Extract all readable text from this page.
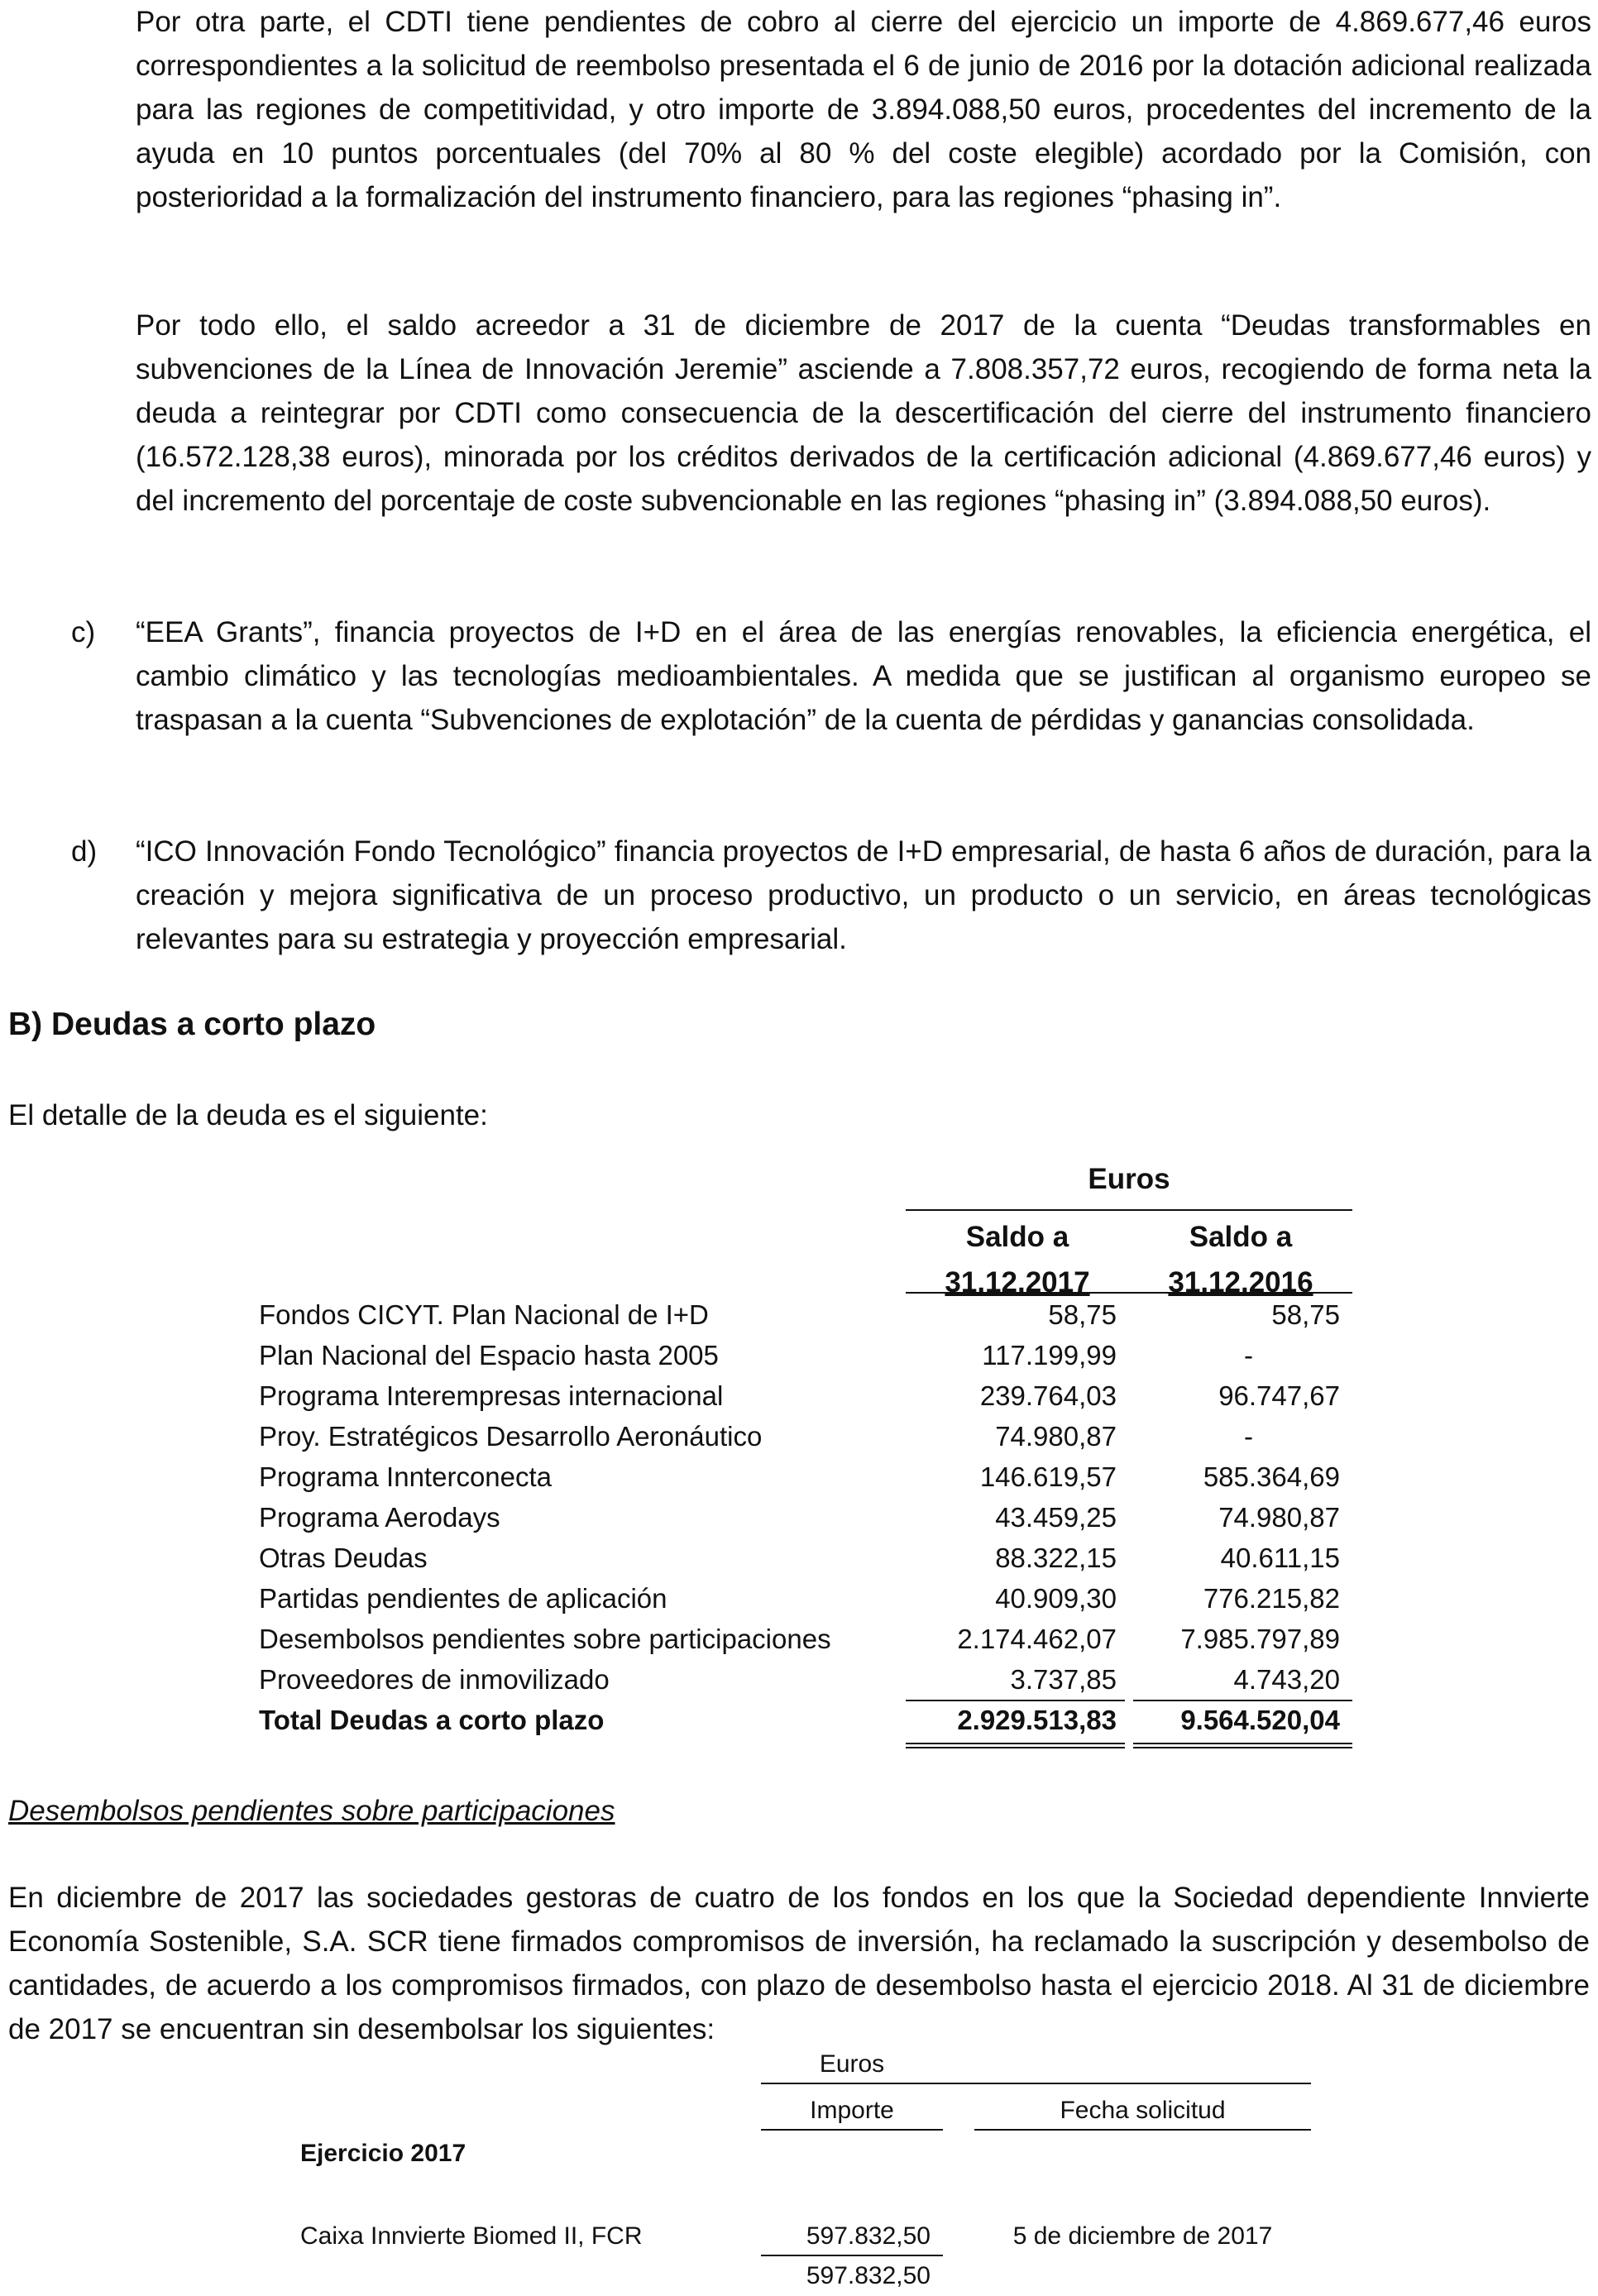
Por otra parte, el CDTI tiene pendientes de cobro al cierre del ejercicio un importe de 4.869.677,46 euros correspondientes a la solicitud de reembolso presentada el 6 de junio de 2016 por la dotación adicional realizada para las regiones de competitividad, y otro importe de 3.894.088,50 euros, procedentes del incremento de la ayuda en 10 puntos porcentuales (del 70% al 80 % del coste elegible) acordado por la Comisión, con posterioridad a la formalización del instrumento financiero, para las regiones “phasing in”.

Por todo ello, el saldo acreedor a 31 de diciembre de 2017 de la cuenta “Deudas transformables en subvenciones de la Línea de Innovación Jeremie” asciende a 7.808.357,72 euros, recogiendo de forma neta la deuda a reintegrar por CDTI como consecuencia de la descertificación del cierre del instrumento financiero (16.572.128,38 euros), minorada por los créditos derivados de la certificación adicional (4.869.677,46 euros) y del incremento del porcentaje de coste subvencionable en las regiones “phasing in” (3.894.088,50 euros).

c) “EEA Grants”, financia proyectos de I+D en el área de las energías renovables, la eficiencia energética, el cambio climático y las tecnologías medioambientales. A medida que se justifican al organismo europeo se traspasan a la cuenta “Subvenciones de explotación” de la cuenta de pérdidas y ganancias consolidada.

d) “ICO Innovación Fondo Tecnológico” financia proyectos de I+D empresarial, de hasta 6 años de duración, para la creación y mejora significativa de un proceso productivo, un producto o un servicio, en áreas tecnológicas relevantes para su estrategia y proyección empresarial.

B) Deudas a corto plazo

El detalle de la deuda es el siguiente:

Euros
Saldo a
31.12.2017
Saldo a
31.12.2016
Fondos CICYT. Plan Nacional de I+D	58,75	58,75
Plan Nacional del Espacio hasta 2005	117.199,99	-
Programa Interempresas internacional	239.764,03	96.747,67
Proy. Estratégicos Desarrollo Aeronáutico	74.980,87	-
Programa Innterconecta	146.619,57	585.364,69
Programa Aerodays	43.459,25	74.980,87
Otras Deudas	88.322,15	40.611,15
Partidas pendientes de aplicación	40.909,30	776.215,82
Desembolsos pendientes sobre participaciones	2.174.462,07	7.985.797,89
Proveedores de inmovilizado	3.737,85	4.743,20
Total Deudas a corto plazo	2.929.513,83	9.564.520,04

Desembolsos pendientes sobre participaciones

En diciembre de 2017 las sociedades gestoras de cuatro de los fondos en los que la Sociedad dependiente Innvierte Economía Sostenible, S.A. SCR tiene firmados compromisos de inversión, ha reclamado la suscripción y desembolso de cantidades, de acuerdo a los compromisos firmados, con plazo de desembolso hasta el ejercicio 2018. Al 31 de diciembre de 2017 se encuentran sin desembolsar los siguientes:

Euros
Importe	Fecha solicitud
Ejercicio 2017
Caixa Innvierte Biomed II, FCR	597.832,50	5 de diciembre de 2017
597.832,50
